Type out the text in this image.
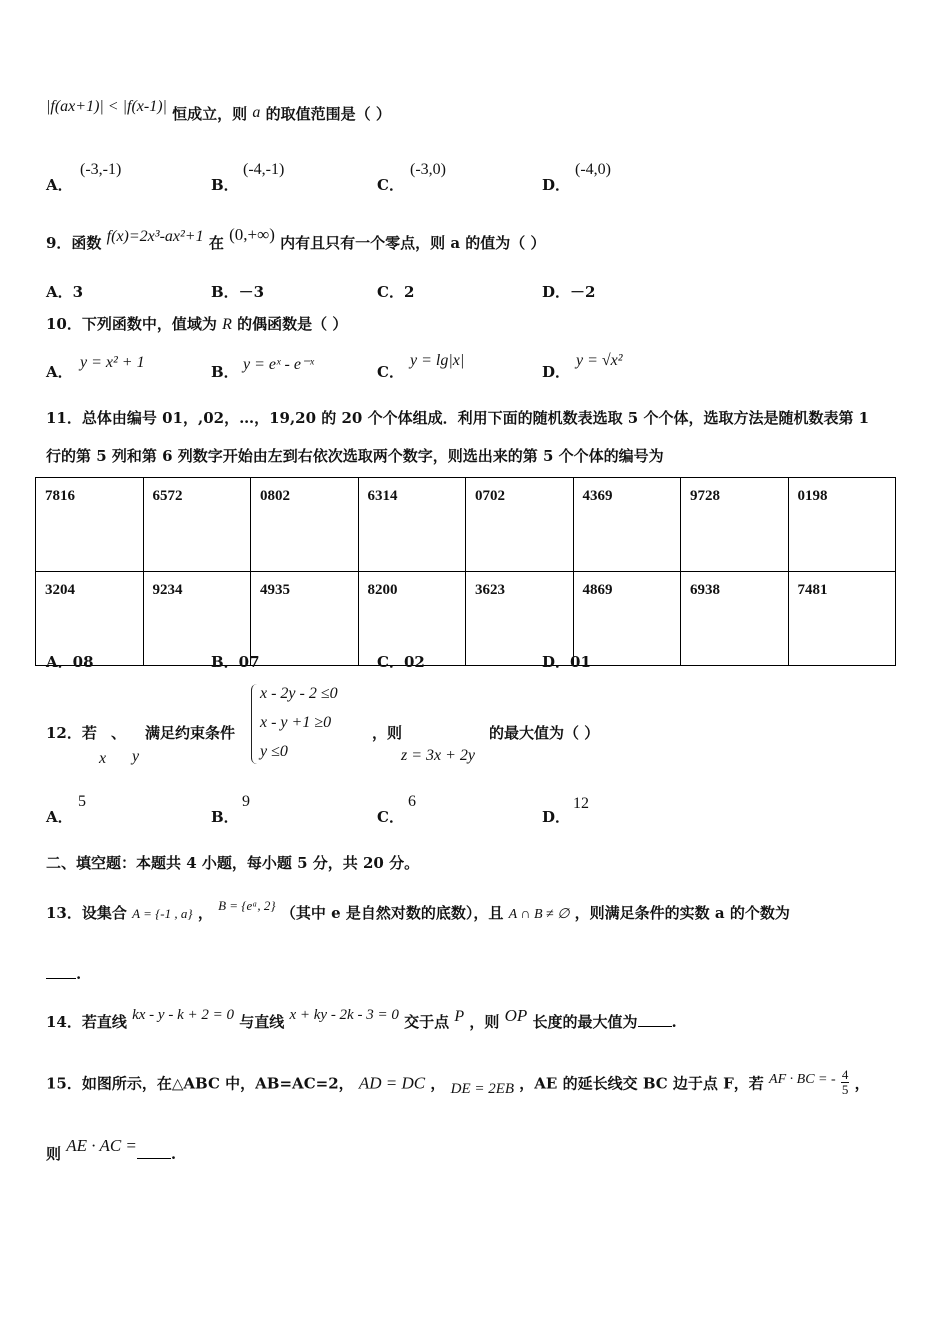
|f(ax+1)| < |f(x-1)| 恒成立，则 a 的取值范围是（ ）
A．
(-3,-1)
B．
(-4,-1)
C．
(-3,0)
D．
(-4,0)
9．函数 f(x)=2x³-ax²+1 在 (0,+∞) 内有且只有一个零点，则 a 的值为（ ）
A．3	B．－3	C．2	D．－2
10．下列函数中，值域为 R 的偶函数是（ ）
A．
y = x² + 1
B． y = eˣ - e⁻ˣ	C．
y = lg|x|
D．
y = √x²
11．总体由编号 01，,02，…，19,20 的 20 个个体组成．利用下面的随机数表选取 5 个个体，选取方法是随机数表第 1
行的第 5 列和第 6 列数字开始由左到右依次选取两个数字，则选出来的第 5 个个体的编号为
7816	6572	0802	6314	0702	4369	9728	0198
3204	9234	4935	8200	3623	4869	6938	7481
A．08	B．07	C．02	D．01
12．若 、 满足约束条件
x y
x - 2y - 2 ≤0
x - y +1 ≥0
y ≤0
，则
z = 3x + 2y
的最大值为（ ）
A．
5
B．
9
C．
6
D．
12
二、填空题：本题共 4 小题，每小题 5 分，共 20 分。
13．设集合 A = {-1 , a} ， B = {eᵃ, 2} （其中 e 是自然对数的底数），且 A ∩ B ≠ ∅ ，则满足条件的实数 a 的个数为
.
14．若直线 kx - y - k + 2 = 0 与直线 x + ky - 2k - 3 = 0 交于点 P ，则 OP 长度的最大值为 .
15．如图所示，在△ABC 中，AB=AC=2， AD = DC ， DE = 2EB ，AE 的延长线交 BC 边于点 F，若 AF · BC = - $\frac{4}{5}$ ，
则 AE · AC = .
